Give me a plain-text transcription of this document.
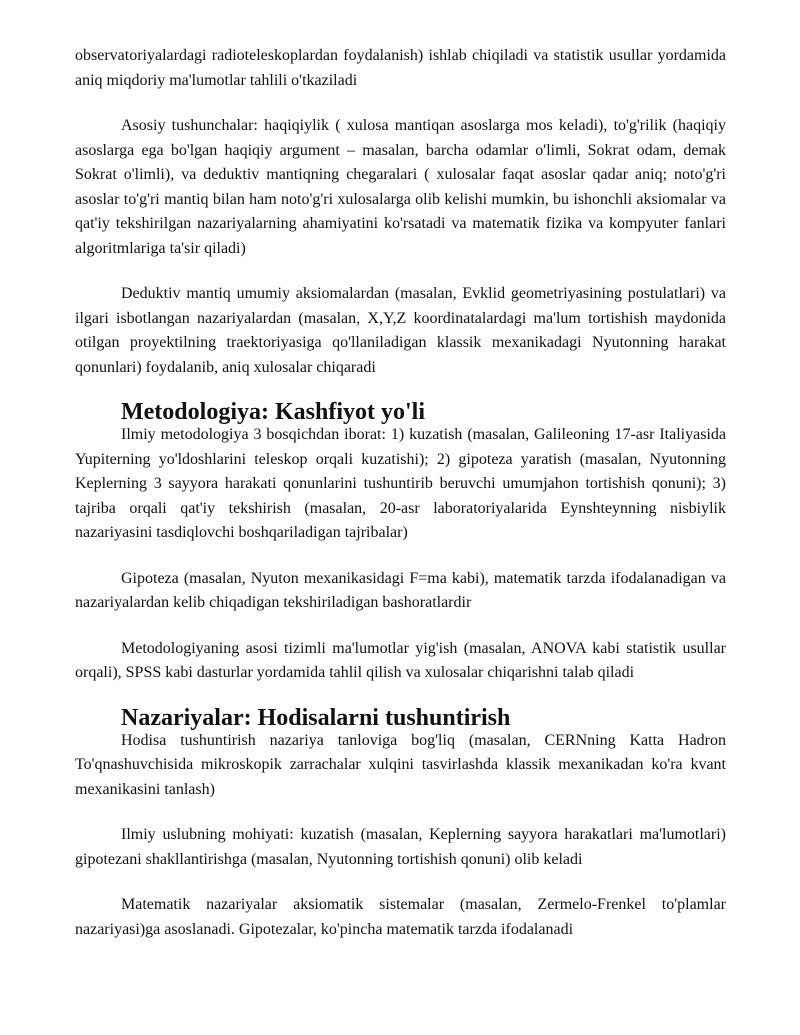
observatoriyalardagi radioteleskoplardan foydalanish) ishlab chiqiladi va statistik usullar yordamida aniq miqdoriy ma'lumotlar tahlili o'tkaziladi

Asosiy tushunchalar: haqiqiylik ( xulosa mantiqan asoslarga mos keladi), to'g'rilik (haqiqiy asoslarga ega bo'lgan haqiqiy argument – masalan, barcha odamlar o'limli, Sokrat odam, demak Sokrat o'limli), va deduktiv mantiqning chegaralari ( xulosalar faqat asoslar qadar aniq; noto'g'ri asoslar to'g'ri mantiq bilan ham noto'g'ri xulosalarga olib kelishi mumkin, bu ishonchli aksiomalar va qat'iy tekshirilgan nazariyalarning ahamiyatini ko'rsatadi va matematik fizika va kompyuter fanlari algoritmlariga ta'sir qiladi)

Deduktiv mantiq umumiy aksiomalardan (masalan, Evklid geometriyasining postulatlari) va ilgari isbotlangan nazariyalardan (masalan, X,Y,Z koordinatalardagi ma'lum tortishish maydonida otilgan proyektilning traektoriyasiga qo'llaniladigan klassik mexanikadagi Nyutonning harakat qonunlari) foydalanib, aniq xulosalar chiqaradi

Metodologiya: Kashfiyot yo'li

Ilmiy metodologiya 3 bosqichdan iborat: 1) kuzatish (masalan, Galileoning 17-asr Italiyasida Yupiterning yo'ldoshlarini teleskop orqali kuzatishi); 2) gipoteza yaratish (masalan, Nyutonning Keplerning 3 sayyora harakati qonunlarini tushuntirib beruvchi umumjahon tortishish qonuni); 3) tajriba orqali qat'iy tekshirish (masalan, 20-asr laboratoriyalarida Eynshteynning nisbiylik nazariyasini tasdiqlovchi boshqariladigan tajribalar)

Gipoteza (masalan, Nyuton mexanikasidagi F=ma kabi), matematik tarzda ifodalanadigan va nazariyalardan kelib chiqadigan tekshiriladigan bashoratlardir

Metodologiyaning asosi tizimli ma'lumotlar yig'ish (masalan, ANOVA kabi statistik usullar orqali), SPSS kabi dasturlar yordamida tahlil qilish va xulosalar chiqarishni talab qiladi

Nazariyalar: Hodisalarni tushuntirish

Hodisa tushuntirish nazariya tanloviga bog'liq (masalan, CERNning Katta Hadron To'qnashuvchisida mikroskopik zarrachalar xulqini tasvirlashda klassik mexanikadan ko'ra kvant mexanikasini tanlash)

Ilmiy uslubning mohiyati: kuzatish (masalan, Keplerning sayyora harakatlari ma'lumotlari) gipotezani shakllantirishga (masalan, Nyutonning tortishish qonuni) olib keladi

Matematik nazariyalar aksiomatik sistemalar (masalan, Zermelo-Frenkel to'plamlar nazariyasi)ga asoslanadi. Gipotezalar, ko'pincha matematik tarzda ifodalanadi
